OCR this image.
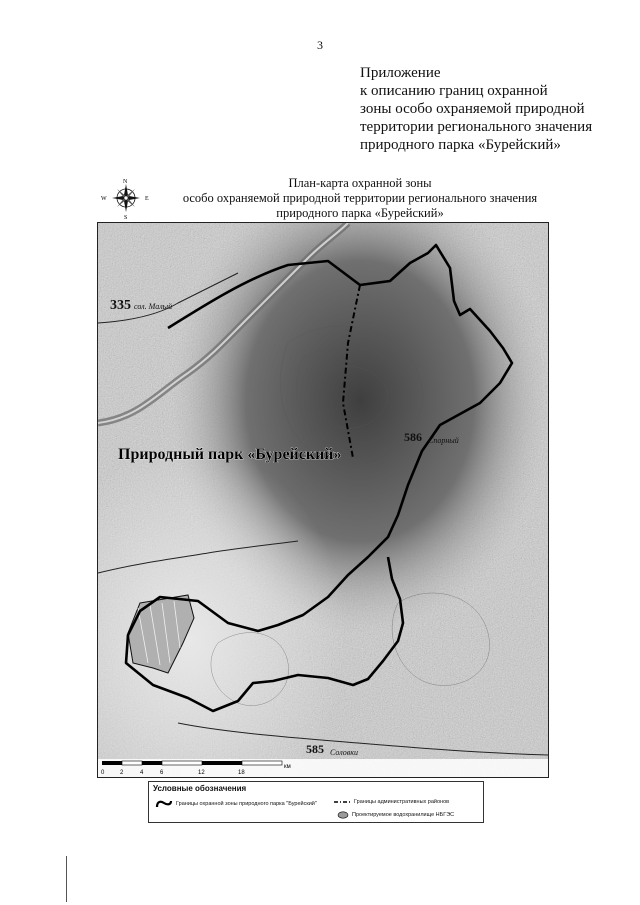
3
Приложение
к описанию границ охранной
зоны особо охраняемой природной
территории регионального значения
природного парка «Бурейский»
N
S
W	E
План-карта охранной зоны
особо охраняемой природной территории регионального значения
природного парка «Бурейский»
335 сол. Малый
Природный парк «Бурейский»
586 Спорный
585 Соловки
0	2	4	6	12	18
км
Условные обозначения
Границы охранной зоны природного парка "Бурейский"	Границы административных районов
Проектируемое водохранилище НБГЭС
